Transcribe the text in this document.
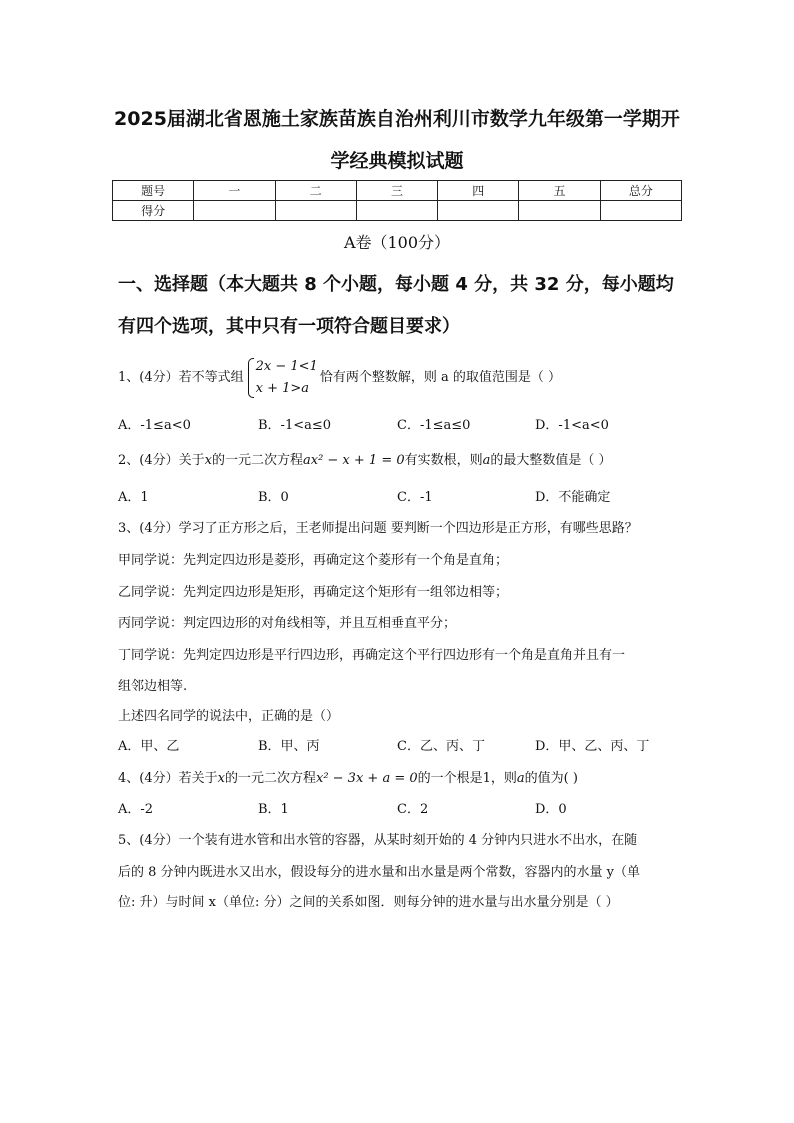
2025届湖北省恩施土家族苗族自治州利川市数学九年级第一学期开
学经典模拟试题
题号	一	二	三	四	五	总分
得分						
A卷（100分）
一、选择题（本大题共 8 个小题，每小题 4 分，共 32 分，每小题均
有四个选项，其中只有一项符合题目要求）
1、(4分）若不等式组
2x − 1<1
x + 1>a
恰有两个整数解，则 a 的取值范围是（ ）
A．-1≤a<0	B．-1<a≤0	C．-1≤a≤0	D．-1<a<0
2、(4分）关于x的一元二次方程ax² − x + 1 = 0有实数根，则a的最大整数值是（ ）
A．1	B．0	C．-1	D．不能确定
3、(4分）学习了正方形之后，王老师提出问题 要判断一个四边形是正方形，有哪些思路？
甲同学说：先判定四边形是菱形，再确定这个菱形有一个角是直角；
乙同学说：先判定四边形是矩形，再确定这个矩形有一组邻边相等；
丙同学说：判定四边形的对角线相等，并且互相垂直平分；
丁同学说：先判定四边形是平行四边形，再确定这个平行四边形有一个角是直角并且有一
组邻边相等.
上述四名同学的说法中，正确的是（）
A．甲、乙	B．甲、丙	C．乙、丙、丁	D．甲、乙、丙、丁
4、(4分）若关于x的一元二次方程x² − 3x + a = 0的一个根是1，则a的值为( )
A．-2	B．1	C．2	D．0
5、(4分）一个装有进水管和出水管的容器，从某时刻开始的 4 分钟内只进水不出水，在随
后的 8 分钟内既进水又出水，假设每分的进水量和出水量是两个常数，容器内的水量 y（单
位: 升）与时间 x（单位: 分）之间的关系如图．则每分钟的进水量与出水量分别是（ ）
